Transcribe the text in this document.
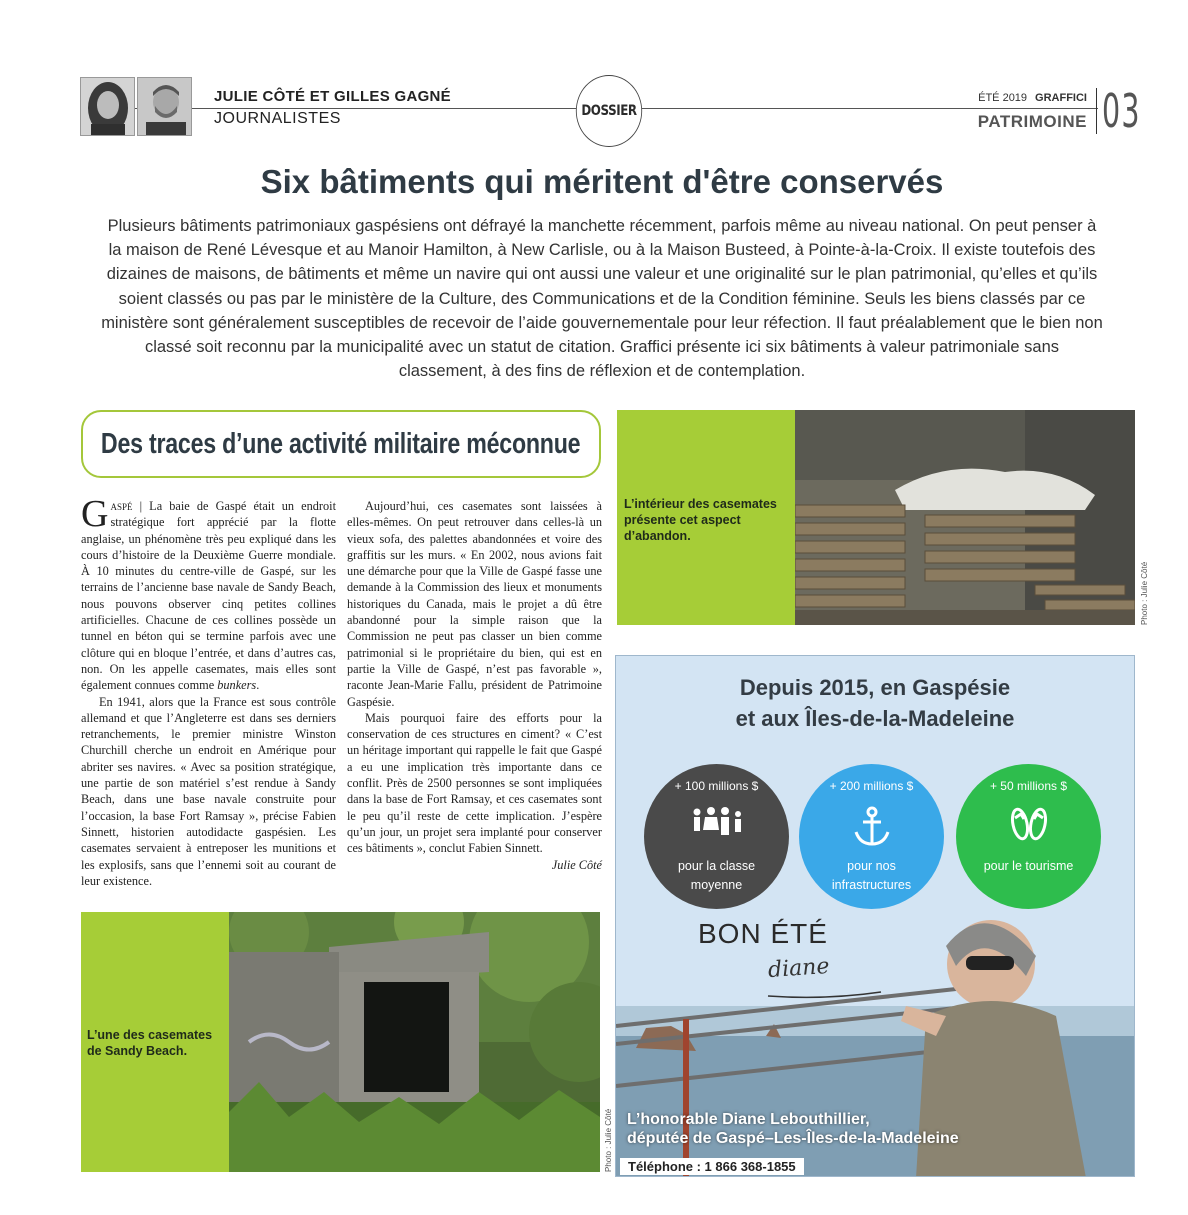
JULIE CÔTÉ ET GILLES GAGNÉ
JOURNALISTES	DOSSIER
ÉTÉ 2019 GRAFFICI
PATRIMOINE 03
Six bâtiments qui méritent d'être conservés

Plusieurs bâtiments patrimoniaux gaspésiens ont défrayé la manchette récemment, parfois même au niveau national. On peut penser à la maison de René Lévesque et au Manoir Hamilton, à New Carlisle, ou à la Maison Busteed, à Pointe-à-la-Croix. Il existe toutefois des dizaines de maisons, de bâtiments et même un navire qui ont aussi une valeur et une originalité sur le plan patrimonial, qu’elles et qu’ils soient classés ou pas par le ministère de la Culture, des Communications et de la Condition féminine. Seuls les biens classés par ce ministère sont généralement susceptibles de recevoir de l’aide gouvernementale pour leur réfection. Il faut préalablement que le bien non classé soit reconnu par la municipalité avec un statut de citation. Graffici présente ici six bâtiments à valeur patrimoniale sans classement, à des fins de réflexion et de contemplation.

Des traces d’une activité militaire méconnue

Gaspé | La baie de Gaspé était un endroit stratégique fort apprécié par la flotte anglaise, un phénomène très peu expliqué dans les cours d’histoire de la Deuxième Guerre mondiale. À 10 minutes du centre-ville de Gaspé, sur les terrains de l’ancienne base navale de Sandy Beach, nous pouvons observer cinq petites collines artificielles. Chacune de ces collines possède un tunnel en béton qui se termine parfois avec une clôture qui en bloque l’entrée, et dans d’autres cas, non. On les appelle casemates, mais elles sont également connues comme bunkers.

En 1941, alors que la France est sous contrôle allemand et que l’Angleterre est dans ses derniers retranchements, le premier ministre Winston Churchill cherche un endroit en Amérique pour abriter ses navires. « Avec sa position stratégique, une partie de son matériel s’est rendue à Sandy Beach, dans une base navale construite pour l’occasion, la base Fort Ramsay », précise Fabien Sinnett, historien autodidacte gaspésien. Les casemates servaient à entreposer les munitions et les explosifs, sans que l’ennemi soit au courant de leur existence.

Aujourd’hui, ces casemates sont laissées à elles-mêmes. On peut retrouver dans celles-là un vieux sofa, des palettes abandonnées et voire des graffitis sur les murs. « En 2002, nous avions fait une démarche pour que la Ville de Gaspé fasse une demande à la Commission des lieux et monuments historiques du Canada, mais le projet a dû être abandonné pour la simple raison que la Commission ne peut pas classer un bien comme patrimonial si le propriétaire du bien, qui est en partie la Ville de Gaspé, n’est pas favorable », raconte Jean-Marie Fallu, président de Patrimoine Gaspésie.

Mais pourquoi faire des efforts pour la conservation de ces structures en ciment? « C’est un héritage important qui rappelle le fait que Gaspé a eu une implication très importante dans ce conflit. Près de 2500 personnes se sont impliquées dans la base de Fort Ramsay, et ces casemates sont le peu qu’il reste de cette implication. J’espère qu’un jour, un projet sera implanté pour conserver ces bâtiments », conclut Fabien Sinnett.

Julie Côté
L’intérieur des casemates présente cet aspect d’abandon.
Photo : Julie Côté
L’une des casemates de Sandy Beach.
Photo : Julie Côté
Depuis 2015, en Gaspésie
et aux Îles-de-la-Madeleine
+ 100 millions $
pour la classe moyenne
+ 200 millions $
pour nos infrastructures
+ 50 millions $
pour le tourisme
BON ÉTÉ
diane
L’honorable Diane Lebouthillier,
députée de Gaspé–Les-Îles-de-la-Madeleine
Téléphone : 1 866 368-1855
